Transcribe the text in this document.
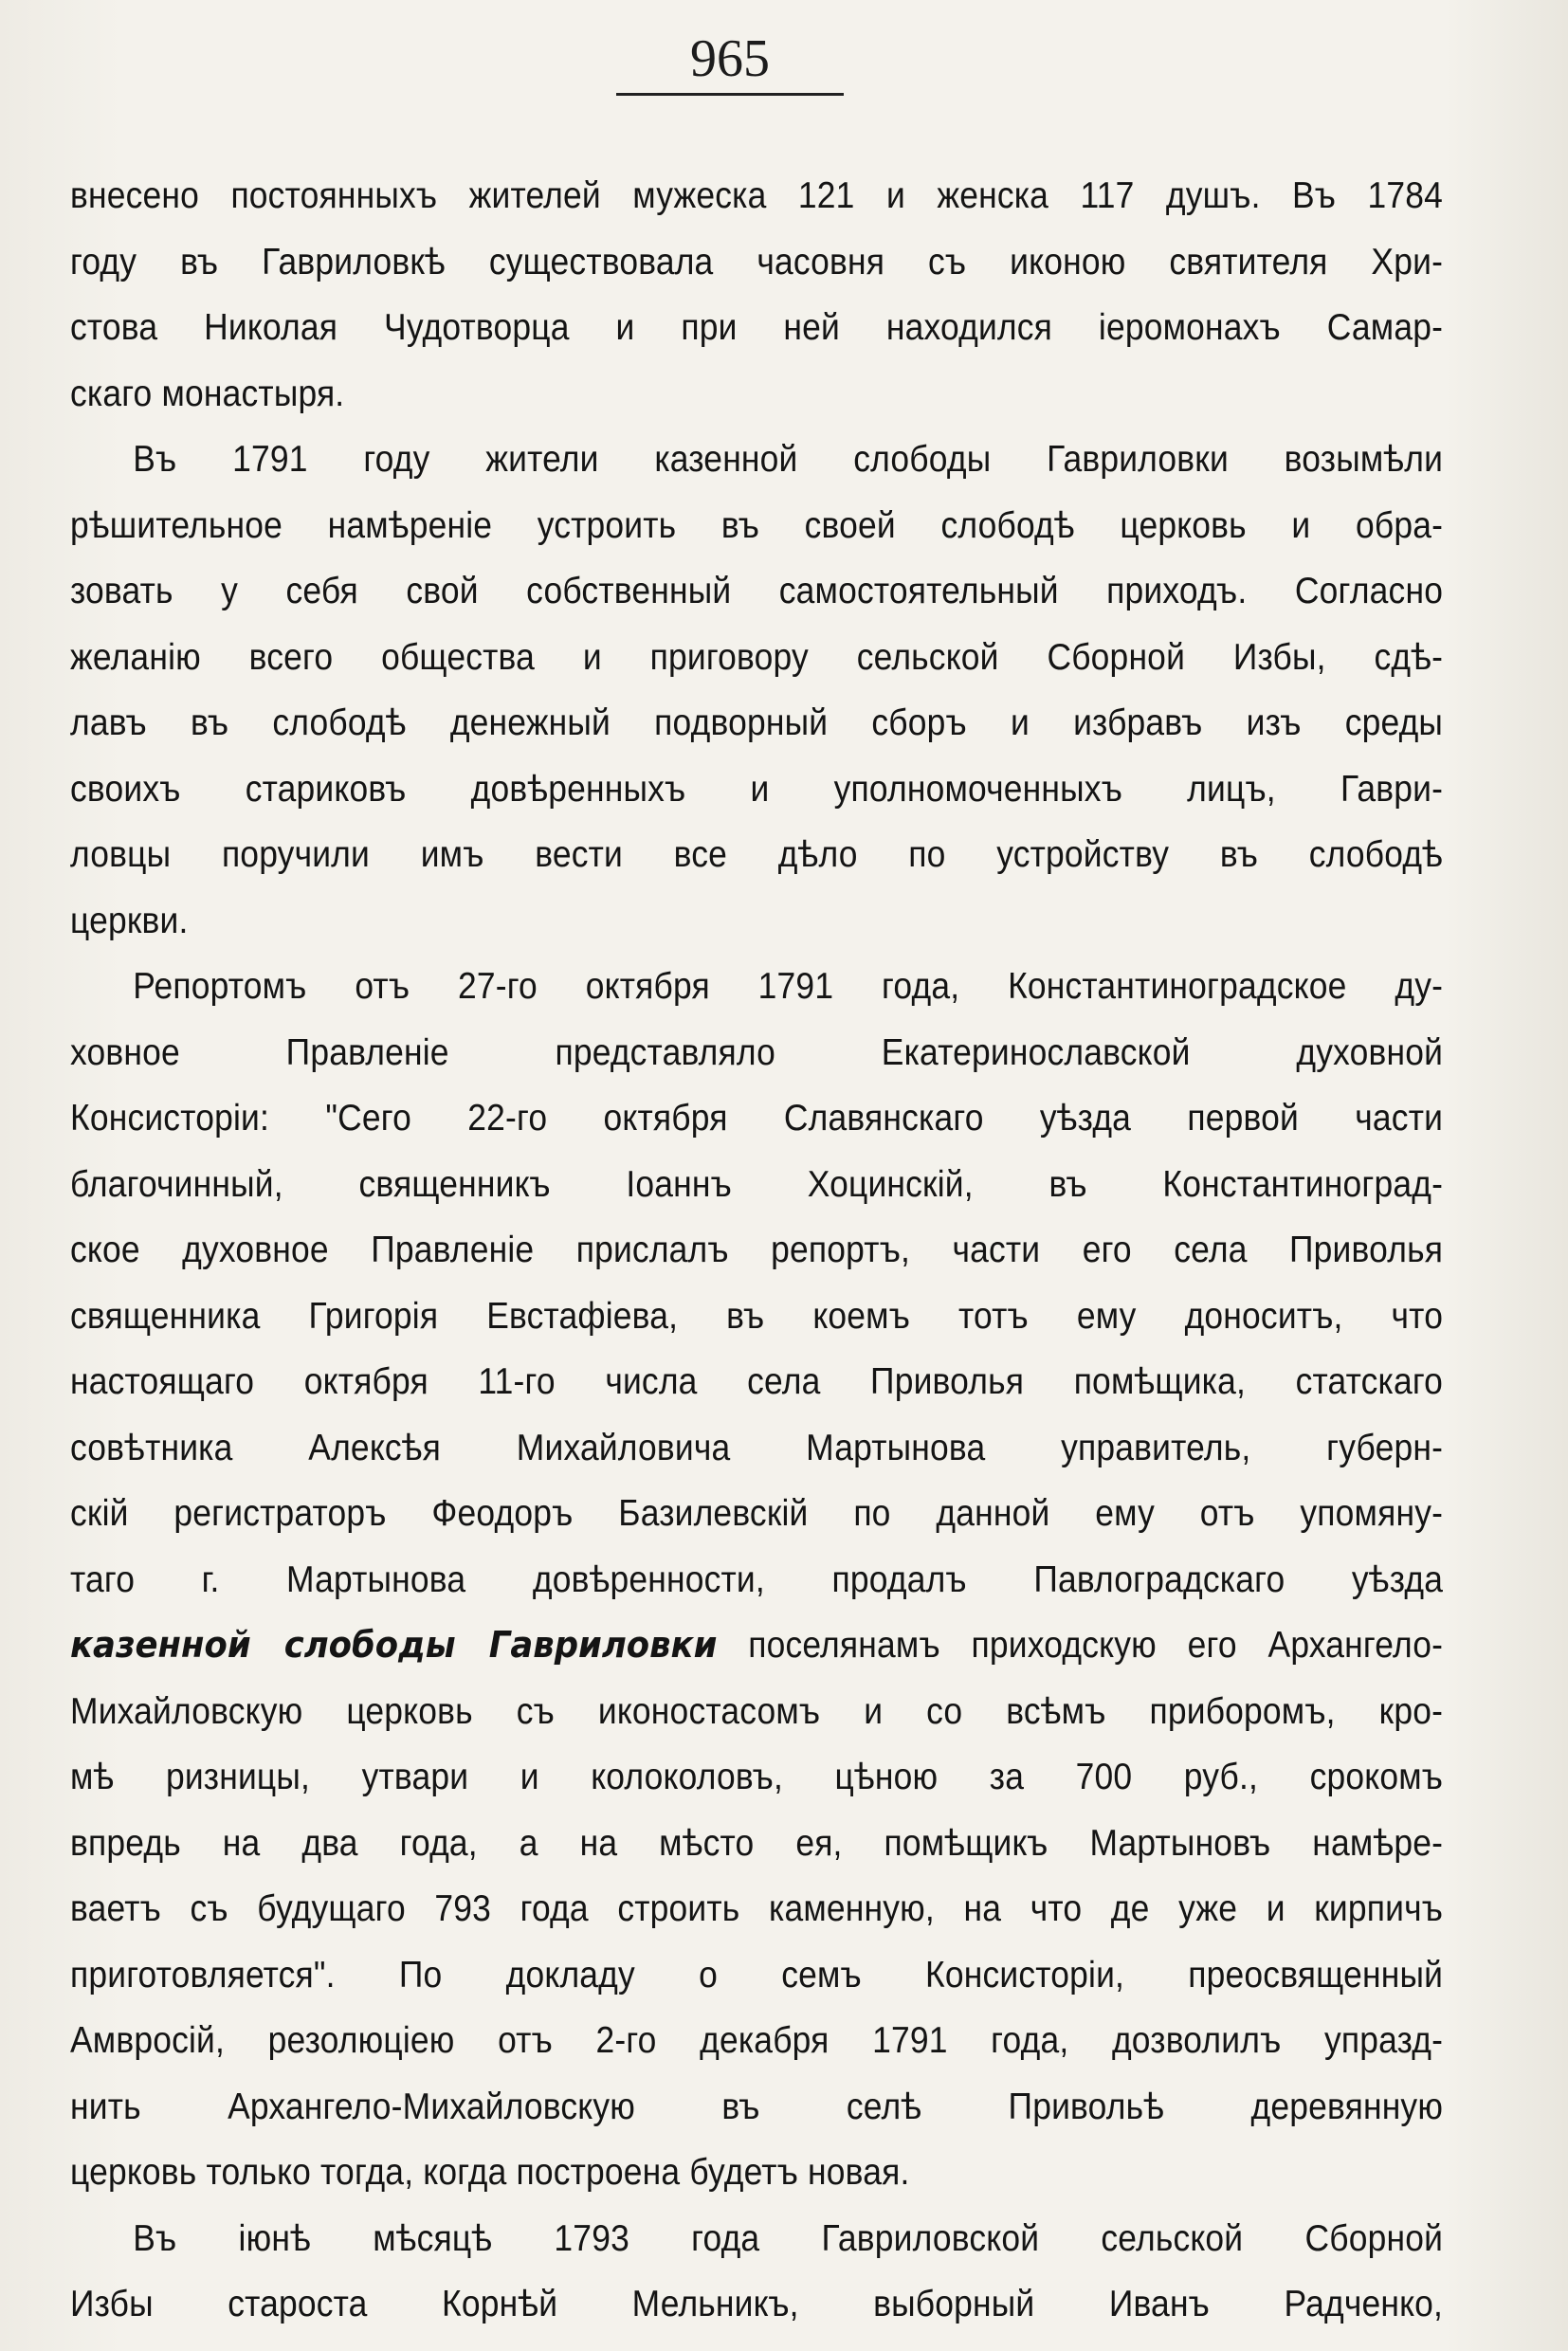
965
внесено постоянныхъ жителей мужеска 121 и женска 117 душъ. Въ 1784
году въ Гавриловкѣ существовала часовня съ иконою святителя Хри-
стова Николая Чудотворца и при ней находился іеромонахъ Самар-
скаго монастыря.
Въ 1791 году жители казенной слободы Гавриловки возымѣли
рѣшительное намѣреніе устроить въ своей слободѣ церковь и обра-
зовать у себя свой собственный самостоятельный приходъ. Согласно
желанію всего общества и приговору сельской Сборной Избы, сдѣ-
лавъ въ слободѣ денежный подворный сборъ и избравъ изъ среды
своихъ стариковъ довѣренныхъ и уполномоченныхъ лицъ, Гаври-
ловцы поручили имъ вести все дѣло по устройству въ слободѣ
церкви.
Репортомъ отъ 27-го октября 1791 года, Константиноградское ду-
ховное Правленіе представляло Екатеринославской духовной
Консисторіи: "Сего 22-го октября Славянскаго уѣзда первой части
благочинный, священникъ Іоаннъ Хоцинскій, въ Константиноград-
ское духовное Правленіе прислалъ репортъ, части его села Приволья
священника Григорія Евстафіева, въ коемъ тотъ ему доноситъ, что
настоящаго октября 11-го числа села Приволья помѣщика, статскаго
совѣтника Алексѣя Михайловича Мартынова управитель, губерн-
скій регистраторъ Феодоръ Базилевскій по данной ему отъ упомяну-
таго г. Мартынова довѣренности, продалъ Павлоградскаго уѣзда
казенной слободы Гавриловки поселянамъ приходскую его Архангело-
Михайловскую церковь съ иконостасомъ и со всѣмъ приборомъ, кро-
мѣ ризницы, утвари и колоколовъ, цѣною за 700 руб., срокомъ
впредь на два года, а на мѣсто ея, помѣщикъ Мартыновъ намѣре-
ваетъ съ будущаго 793 года строить каменную, на что де уже и кирпичъ
приготовляется". По докладу о семъ Консисторіи, преосвященный
Амвросій, резолюціею отъ 2-го декабря 1791 года, дозволилъ упразд-
нить Архангело-Михайловскую въ селѣ Привольѣ деревянную
церковь только тогда, когда построена будетъ новая.
Въ іюнѣ мѣсяцѣ 1793 года Гавриловской сельской Сборной
Избы староста Корнѣй Мельникъ, выборный Иванъ Радченко,
